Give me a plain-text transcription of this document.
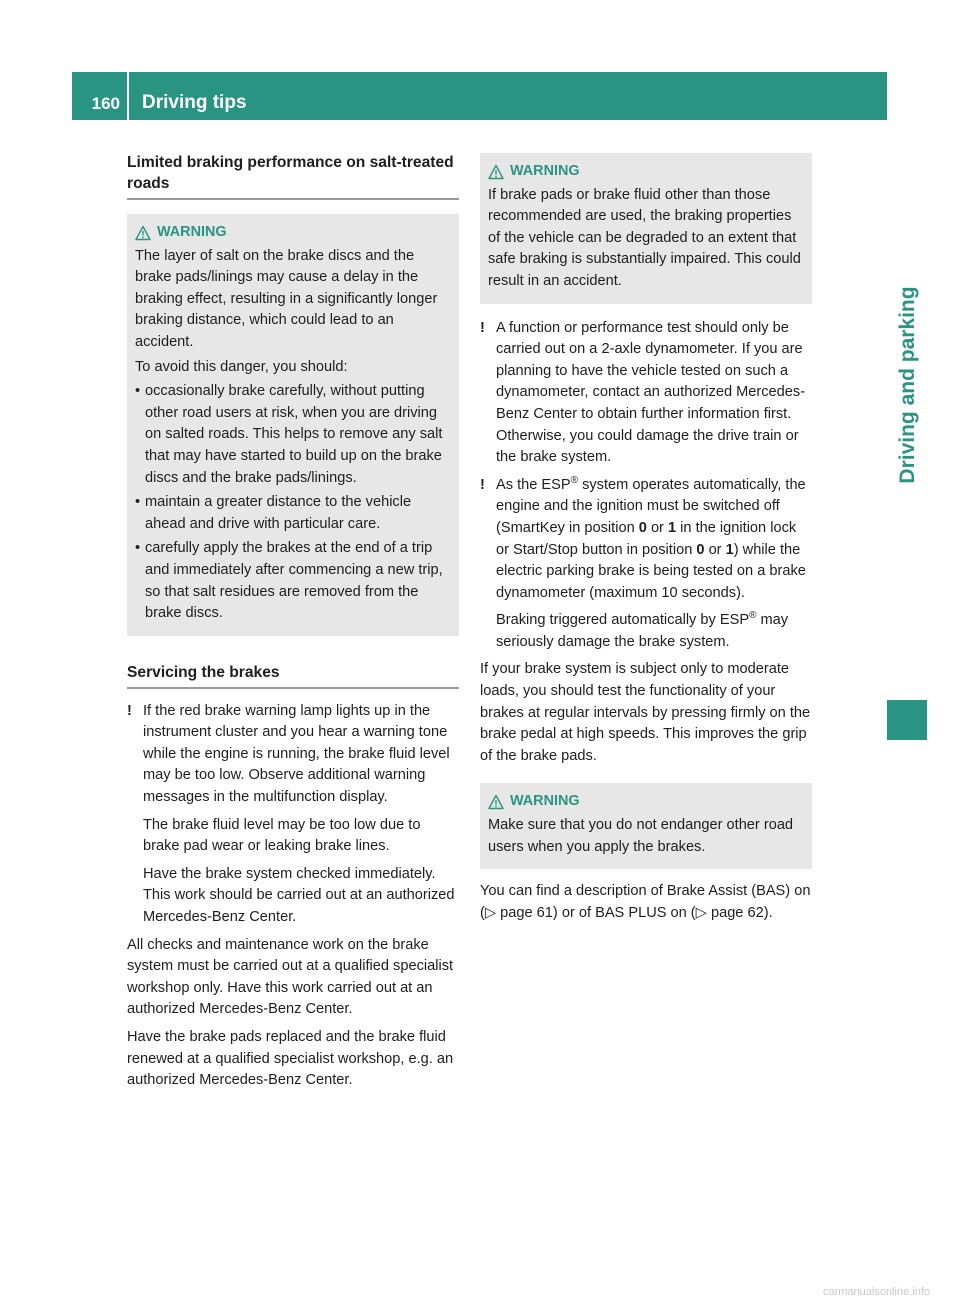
160 Driving tips
Driving and parking
Limited braking performance on salt-treated roads
WARNING

The layer of salt on the brake discs and the brake pads/linings may cause a delay in the braking effect, resulting in a significantly longer braking distance, which could lead to an accident.

To avoid this danger, you should:

• occasionally brake carefully, without putting other road users at risk, when you are driving on salted roads. This helps to remove any salt that may have started to build up on the brake discs and the brake pads/linings.
• maintain a greater distance to the vehicle ahead and drive with particular care.
• carefully apply the brakes at the end of a trip and immediately after commencing a new trip, so that salt residues are removed from the brake discs.
Servicing the brakes
! If the red brake warning lamp lights up in the instrument cluster and you hear a warning tone while the engine is running, the brake fluid level may be too low. Observe additional warning messages in the multifunction display.

The brake fluid level may be too low due to brake pad wear or leaking brake lines.

Have the brake system checked immediately. This work should be carried out at an authorized Mercedes-Benz Center.

All checks and maintenance work on the brake system must be carried out at a qualified specialist workshop only. Have this work carried out at an authorized Mercedes-Benz Center.

Have the brake pads replaced and the brake fluid renewed at a qualified specialist workshop, e.g. an authorized Mercedes-Benz Center.

WARNING

If brake pads or brake fluid other than those recommended are used, the braking properties of the vehicle can be degraded to an extent that safe braking is substantially impaired. This could result in an accident.

! A function or performance test should only be carried out on a 2-axle dynamometer. If you are planning to have the vehicle tested on such a dynamometer, contact an authorized Mercedes-Benz Center to obtain further information first. Otherwise, you could damage the drive train or the brake system.

! As the ESP® system operates automatically, the engine and the ignition must be switched off (SmartKey in position 0 or 1 in the ignition lock or Start/Stop button in position 0 or 1) while the electric parking brake is being tested on a brake dynamometer (maximum 10 seconds).

Braking triggered automatically by ESP® may seriously damage the brake system.

If your brake system is subject only to moderate loads, you should test the functionality of your brakes at regular intervals by pressing firmly on the brake pedal at high speeds. This improves the grip of the brake pads.

WARNING

Make sure that you do not endanger other road users when you apply the brakes.

You can find a description of Brake Assist (BAS) on (▷ page 61) or of BAS PLUS on (▷ page 62).

carmanualsonline.info
